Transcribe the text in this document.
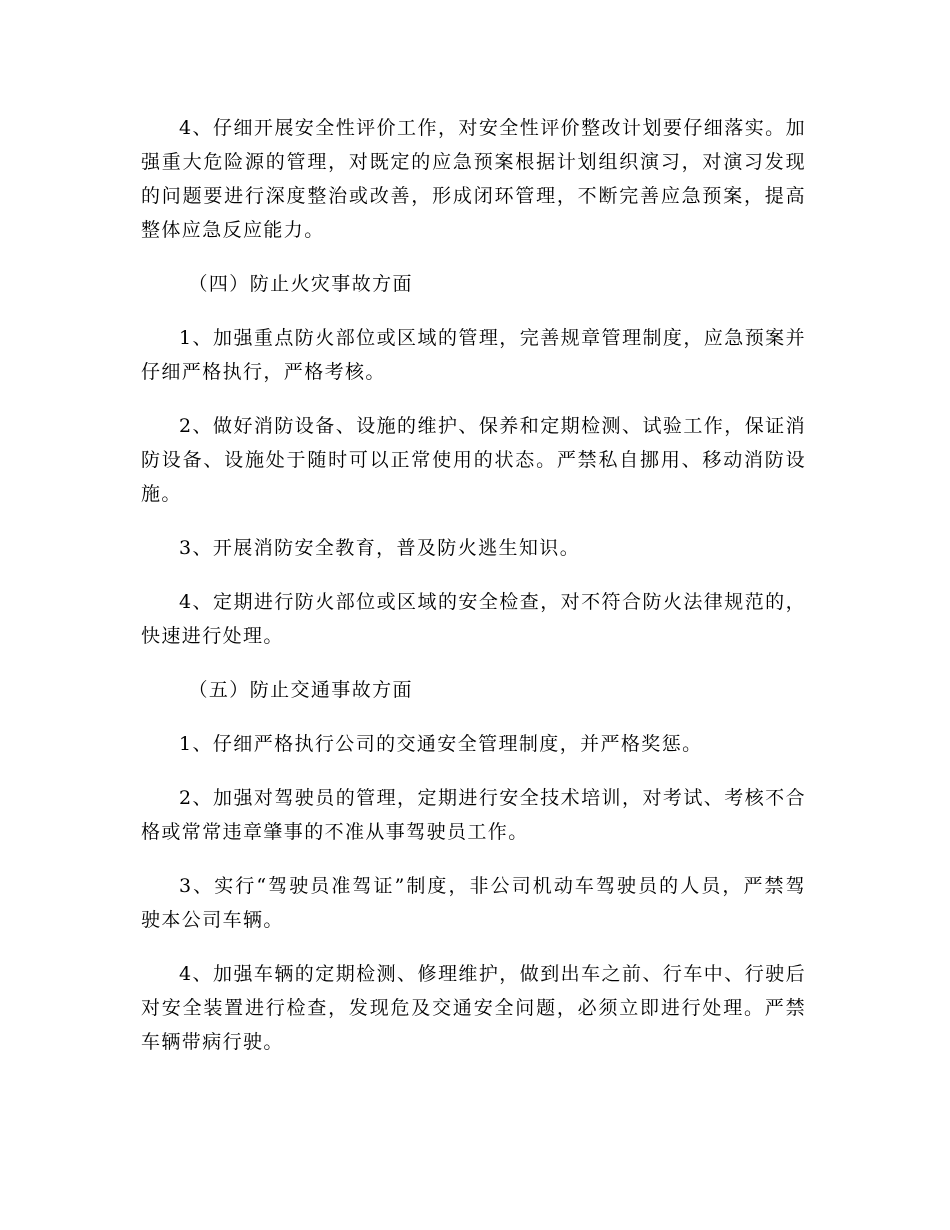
4、仔细开展安全性评价工作，对安全性评价整改计划要仔细落实。加强重大危险源的管理，对既定的应急预案根据计划组织演习，对演习发现的问题要进行深度整治或改善，形成闭环管理，不断完善应急预案，提高整体应急反应能力。

（四）防止火灾事故方面

1、加强重点防火部位或区域的管理，完善规章管理制度，应急预案并仔细严格执行，严格考核。

2、做好消防设备、设施的维护、保养和定期检测、试验工作，保证消防设备、设施处于随时可以正常使用的状态。严禁私自挪用、移动消防设施。

3、开展消防安全教育，普及防火逃生知识。

4、定期进行防火部位或区域的安全检查，对不符合防火法律规范的，快速进行处理。

（五）防止交通事故方面

1、仔细严格执行公司的交通安全管理制度，并严格奖惩。

2、加强对驾驶员的管理，定期进行安全技术培训，对考试、考核不合格或常常违章肇事的不准从事驾驶员工作。

3、实行“驾驶员准驾证”制度，非公司机动车驾驶员的人员，严禁驾驶本公司车辆。

4、加强车辆的定期检测、修理维护，做到出车之前、行车中、行驶后对安全装置进行检查，发现危及交通安全问题，必须立即进行处理。严禁车辆带病行驶。
